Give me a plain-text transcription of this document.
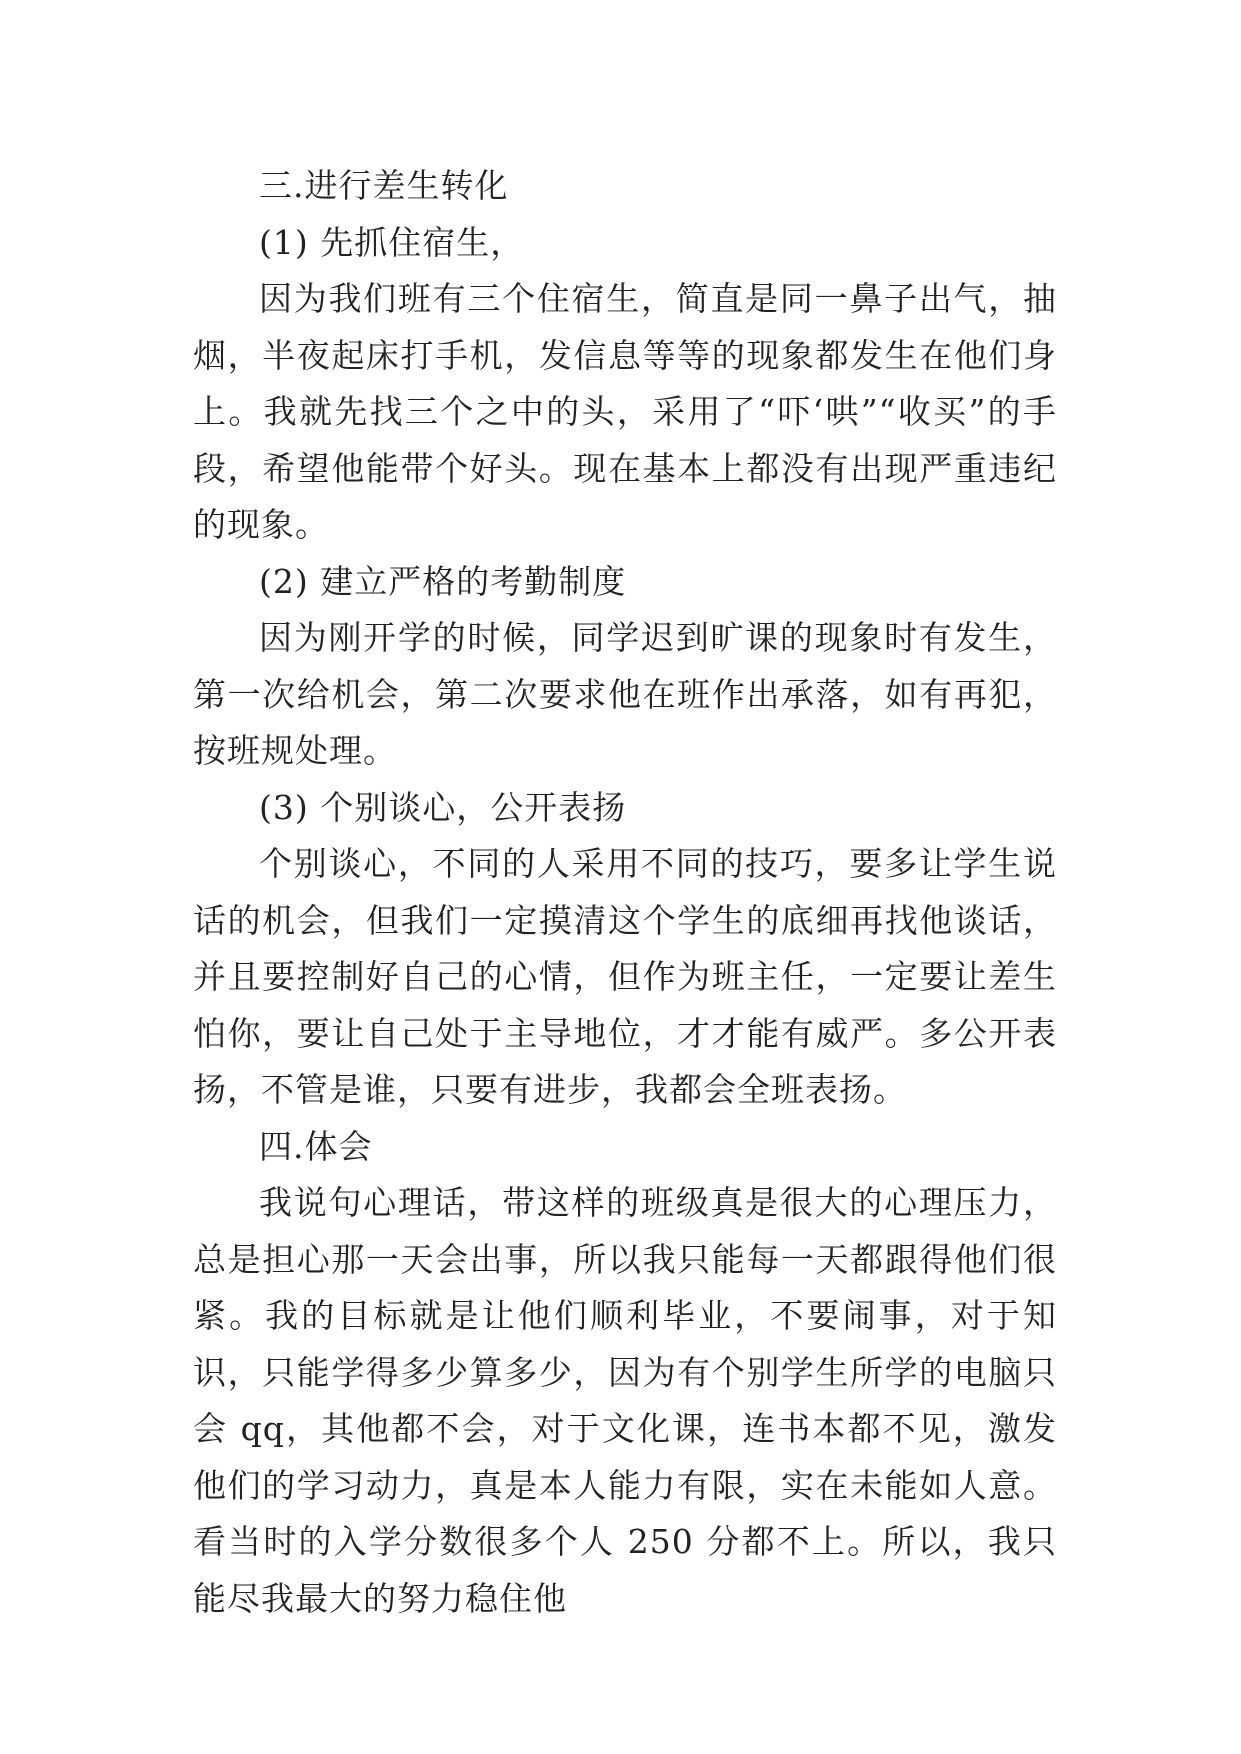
三.进行差生转化

(1) 先抓住宿生，

因为我们班有三个住宿生，简直是同一鼻子出气，抽烟，半夜起床打手机，发信息等等的现象都发生在他们身上。我就先找三个之中的头，采用了“吓‘哄”“收买”的手段，希望他能带个好头。现在基本上都没有出现严重违纪的现象。

(2) 建立严格的考勤制度

因为刚开学的时候，同学迟到旷课的现象时有发生，第一次给机会，第二次要求他在班作出承落，如有再犯，按班规处理。

(3) 个别谈心，公开表扬

个别谈心，不同的人采用不同的技巧，要多让学生说话的机会，但我们一定摸清这个学生的底细再找他谈话，并且要控制好自己的心情，但作为班主任，一定要让差生怕你，要让自己处于主导地位，才才能有威严。多公开表扬，不管是谁，只要有进步，我都会全班表扬。

四.体会

我说句心理话，带这样的班级真是很大的心理压力，总是担心那一天会出事，所以我只能每一天都跟得他们很紧。我的目标就是让他们顺利毕业，不要闹事，对于知识，只能学得多少算多少，因为有个别学生所学的电脑只会 qq，其他都不会，对于文化课，连书本都不见，激发他们的学习动力，真是本人能力有限，实在未能如人意。看当时的入学分数很多个人 250 分都不上。所以，我只能尽我最大的努力稳住他
